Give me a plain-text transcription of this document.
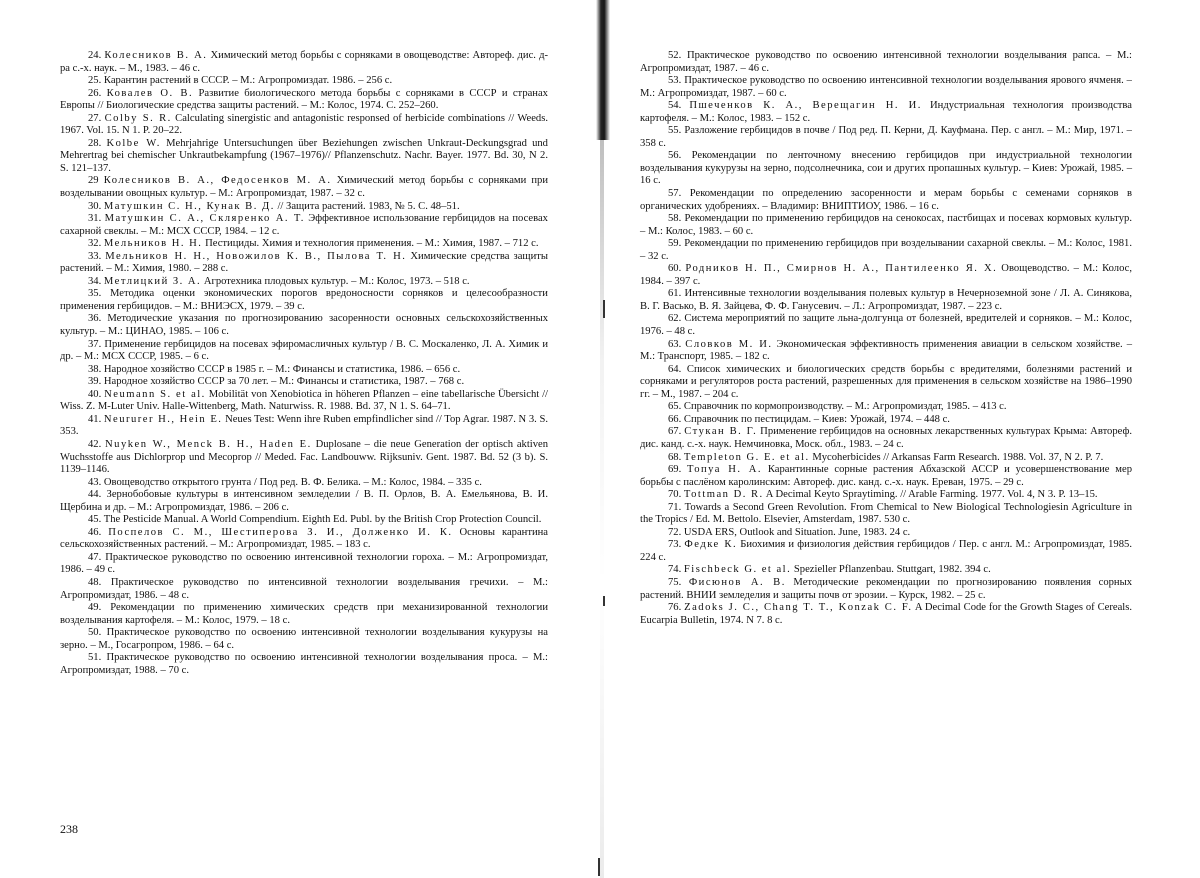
24. Колесников В. А. Химический метод борьбы с сорняками в овощеводстве: Автореф. дис. д-ра с.-х. наук. – М., 1983. – 46 с.

25. Карантин растений в СССР. – М.: Агропромиздат. 1986. – 256 с.

26. Ковалев О. В. Развитие биологического метода борьбы с сорняками в СССР и странах Европы // Биологические средства защиты растений. – М.: Колос, 1974. С. 252–260.

27. Colby S. R. Calculating sinergistic and antagonistic responsed of herbicide combinations // Weeds. 1967. Vol. 15. N 1. P. 20–22.

28. Kolbe W. Mehrjahrige Untersuchungen über Beziehungen zwischen Unkraut-Deckungsgrad und Mehrertrag bei chemischer Unkrautbekampfung (1967–1976)// Pflanzenschutz. Nachr. Bayer. 1977. Bd. 30, N 2. S. 121–137.

29 Колесников В. А., Федосенков М. А. Химический метод борьбы с сорняками при возделывании овощных культур. – М.: Агропромиздат, 1987. – 32 с.

30. Матушкин С. Н., Кунак В. Д. // Защита растений. 1983, № 5. С. 48–51.

31. Матушкин С. А., Скляренко А. Т. Эффективное использование гербицидов на посевах сахарной свеклы. – М.: МСХ СССР, 1984. – 12 с.

32. Мельников Н. Н. Пестициды. Химия и технология применения. – М.: Химия, 1987. – 712 с.

33. Мельников Н. Н., Новожилов К. В., Пылова Т. Н. Химические средства защиты растений. – М.: Химия, 1980. – 288 с.

34. Метлицкий З. А. Агротехника плодовых культур. – М.: Колос, 1973. – 518 с.

35. Методика оценки экономических порогов вредоносности сорняков и целесообразности применения гербицидов. – М.: ВНИЭСХ, 1979. – 39 с.

36. Методические указания по прогнозированию засоренности основных сельскохозяйственных культур. – М.: ЦИНАО, 1985. – 106 с.

37. Применение гербицидов на посевах эфиромасличных культур / В. С. Москаленко, Л. А. Химик и др. – М.: МСХ СССР, 1985. – 6 с.

38. Народное хозяйство СССР в 1985 г. – М.: Финансы и статистика, 1986. – 656 с.

39. Народное хозяйство СССР за 70 лет. – М.: Финансы и статистика, 1987. – 768 с.

40. Neumann S. et al. Mobilität von Xenobiotica in höheren Pflanzen – eine tabellarische Übersicht // Wiss. Z. M-Luter Univ. Halle-Wittenberg, Math. Naturwiss. R. 1988. Bd. 37, N 1. S. 64–71.

41. Neururer H., Hein E. Neues Test: Wenn ihre Ruben empfindlicher sind // Top Agrar. 1987. N 3. S. 353.

42. Nuyken W., Menck B. H., Haden E. Duplosane – die neue Generation der optisch aktiven Wuchsstoffe aus Dichlorprop und Mecoprop // Meded. Fac. Landbouww. Rijksuniv. Gent. 1987. Bd. 52 (3 b). S. 1139–1146.

43. Овощеводство открытого грунта / Под ред. В. Ф. Белика. – М.: Колос, 1984. – 335 с.

44. Зернобобовые культуры в интенсивном земледелии / В. П. Орлов, В. А. Емельянова, В. И. Щербина и др. – М.: Агропромиздат, 1986. – 206 с.

45. The Pesticide Manual. A World Compendium. Eighth Ed. Publ. by the British Crop Protection Council.

46. Поспелов С. М., Шестиперова З. И., Долженко И. К. Основы карантина сельскохозяйственных растений. – М.: Агропромиздат, 1985. – 183 с.

47. Практическое руководство по освоению интенсивной технологии гороха. – М.: Агропромиздат, 1986. – 49 с.

48. Практическое руководство по интенсивной технологии возделывания гречихи. – М.: Агропромиздат, 1986. – 48 с.

49. Рекомендации по применению химических средств при механизированной технологии возделывания картофеля. – М.: Колос, 1979. – 18 с.

50. Практическое руководство по освоению интенсивной технологии возделывания кукурузы на зерно. – М., Госагропром, 1986. – 64 с.

51. Практическое руководство по освоению интенсивной технологии возделывания проса. – М.: Агропромиздат, 1988. – 70 с.

52. Практическое руководство по освоению интенсивной технологии возделывания рапса. – М.: Агропромиздат, 1987. – 46 с.

53. Практическое руководство по освоению интенсивной технологии возделывания ярового ячменя. – М.: Агропромиздат, 1987. – 60 с.

54. Пшеченков К. А., Верещагин Н. И. Индустриальная технология производства картофеля. – М.: Колос, 1983. – 152 с.

55. Разложение гербицидов в почве / Под ред. П. Керни, Д. Кауфмана. Пер. с англ. – М.: Мир, 1971. – 358 с.

56. Рекомендации по ленточному внесению гербицидов при индустриальной технологии возделывания кукурузы на зерно, подсолнечника, сои и других пропашных культур. – Киев: Урожай, 1985. – 16 с.

57. Рекомендации по определению засоренности и мерам борьбы с семенами сорняков в органических удобрениях. – Владимир: ВНИПТИОУ, 1986. – 16 с.

58. Рекомендации по применению гербицидов на сенокосах, пастбищах и посевах кормовых культур. – М.: Колос, 1983. – 60 с.

59. Рекомендации по применению гербицидов при возделывании сахарной свеклы. – М.: Колос, 1981. – 32 с.

60. Родников Н. П., Смирнов Н. А., Пантилеенко Я. Х. Овощеводство. – М.: Колос, 1984. – 397 с.

61. Интенсивные технологии возделывания полевых культур в Нечерноземной зоне / Л. А. Синякова, В. Г. Васько, В. Я. Зайцева, Ф. Ф. Ганусевич. – Л.: Агропромиздат, 1987. – 223 с.

62. Система мероприятий по защите льна-долгунца от болезней, вредителей и сорняков. – М.: Колос, 1976. – 48 с.

63. Словков М. И. Экономическая эффективность применения авиации в сельском хозяйстве. – М.: Транспорт, 1985. – 182 с.

64. Список химических и биологических средств борьбы с вредителями, болезнями растений и сорняками и регуляторов роста растений, разрешенных для применения в сельском хозяйстве на 1986–1990 гг. – М., 1987. – 204 с.

65. Справочник по кормопроизводству. – М.: Агропромиздат, 1985. – 413 с.

66. Справочник по пестицидам. – Киев: Урожай, 1974. – 448 с.

67. Стукан В. Г. Применение гербицидов на основных лекарственных культурах Крыма: Автореф. дис. канд. с.-х. наук. Немчиновка, Моск. обл., 1983. – 24 с.

68. Templeton G. E. et al. Mycoherbicides // Arkansas Farm Research. 1988. Vol. 37, N 2. P. 7.

69. Топуа Н. А. Карантинные сорные растения Абхазской АССР и усовершенствование мер борьбы с паслёном каролинским: Автореф. дис. канд. с.-х. наук. Ереван, 1975. – 29 с.

70. Tottman D. R. A Decimal Keyto Spraytiming. // Arable Farming. 1977. Vol. 4, N 3. P. 13–15.

71. Towards a Second Green Revolution. From Chemical to New Biological Technologiesin Agriculture in the Tropics / Ed. M. Bettolo. Elsevier, Amsterdam, 1987. 530 с.

72. USDA ERS, Outlook and Situation. June, 1983. 24 с.

73. Федке К. Биохимия и физиология действия гербицидов / Пер. с англ. М.: Агропромиздат, 1985. 224 с.

74. Fischbeck G. et al. Spezieller Pflanzenbau. Stuttgart, 1982. 394 с.

75. Фисюнов А. В. Методические рекомендации по прогнозированию появления сорных растений. ВНИИ земледелия и защиты почв от эрозии. – Курск, 1982. – 25 с.

76. Zadoks J. C., Chang T. T., Konzak C. F. A Decimal Code for the Growth Stages of Cereals. Eucarpia Bulletin, 1974. N 7. 8 с.

238
